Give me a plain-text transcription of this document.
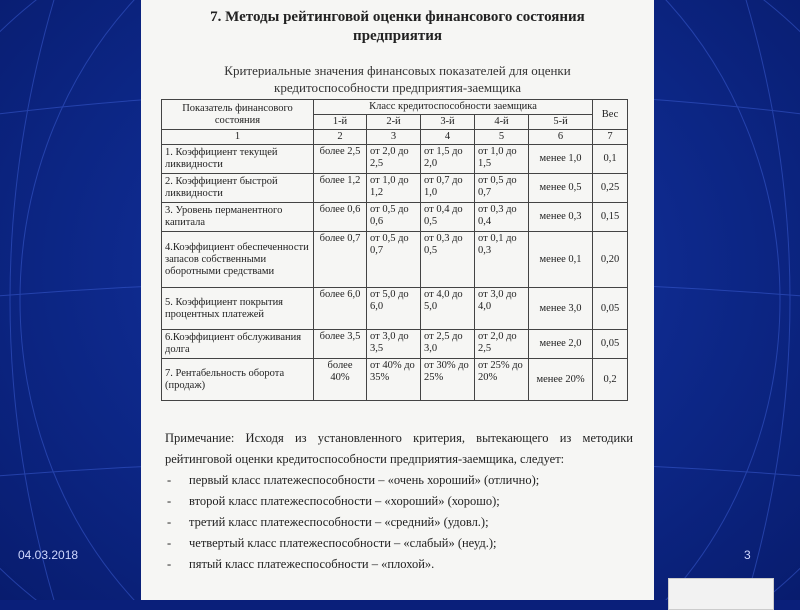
7. Методы рейтинговой оценки финансового состояния
предприятия
Критериальные значения финансовых показателей для оценки
кредитоспособности предприятия-заемщика
Показатель финансового состояния	Класс кредитоспособности заемщика					Вес
	1-й	2-й	3-й	4-й	5-й	
1	2	3	4	5	6	7
1. Коэффициент текущей ликвидности	более 2,5	от 2,0 до 2,5	от 1,5 до 2,0	от 1,0 до 1,5	менее 1,0	0,1
2. Коэффициент быстрой ликвидности	более 1,2	от 1,0 до 1,2	от 0,7 до 1,0	от 0,5 до 0,7	менее 0,5	0,25
3. Уровень перманентного капитала	более 0,6	от 0,5 до 0,6	от 0,4 до 0,5	от 0,3 до 0,4	менее 0,3	0,15
4.Коэффициент обеспеченности запасов собственными оборотными средствами	более 0,7	от 0,5 до 0,7	от 0,3 до 0,5	от 0,1 до 0,3	менее 0,1	0,20
5. Коэффициент покрытия процентных платежей	более 6,0	от 5,0 до 6,0	от 4,0 до 5,0	от 3,0 до 4,0	менее 3,0	0,05
6.Коэффициент обслуживания долга	более 3,5	от 3,0 до 3,5	от 2,5 до 3,0	от 2,0 до 2,5	менее 2,0	0,05
7. Рентабельность оборота (продаж)	более 40%	от 40% до 35%	от 30% до 25%	от 25% до 20%	менее 20%	0,2

Примечание: Исходя из установленного критерия, вытекающего из методики рейтинговой оценки кредитоспособности предприятия-заемщика, следует:

- первый класс платежеспособности – «очень хороший» (отлично);
- второй класс платежеспособности – «хороший» (хорошо);
- третий класс платежеспособности – «средний» (удовл.);
- четвертый класс платежеспособности – «слабый» (неуд.);
- пятый класс платежеспособности – «плохой».
04.03.2018	3
